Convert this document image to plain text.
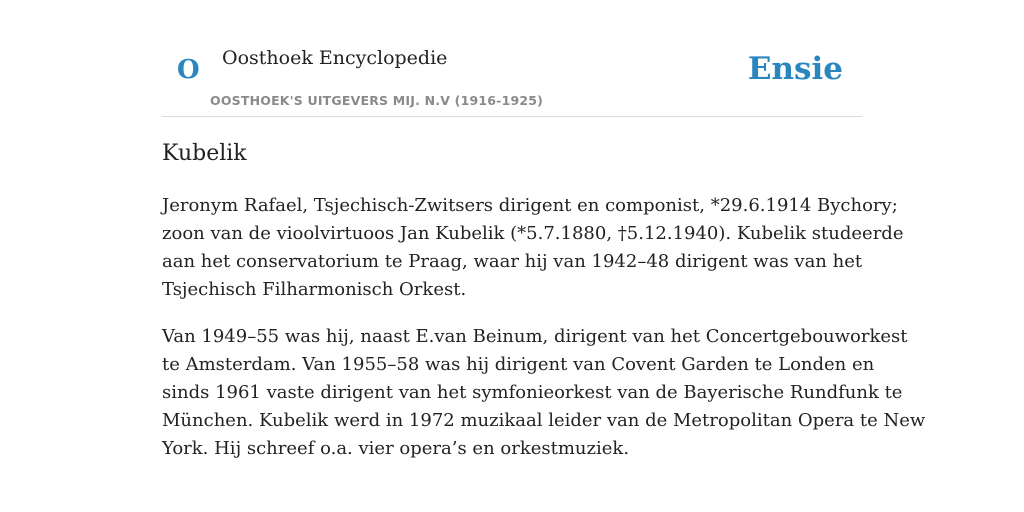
O Oosthoek Encyclopedie
OOSTHOEK'S UITGEVERS MIJ. N.V (1916-1925)
Ensie
Kubelik

Jeronym Rafael, Tsjechisch-Zwitsers dirigent en componist, *29.6.1914 Bychory;
zoon van de vioolvirtuoos Jan Kubelik (*5.7.1880, †5.12.1940). Kubelik studeerde
aan het conservatorium te Praag, waar hij van 1942–48 dirigent was van het
Tsjechisch Filharmonisch Orkest.

Van 1949–55 was hij, naast E.van Beinum, dirigent van het Concertgebouworkest
te Amsterdam. Van 1955–58 was hij dirigent van Covent Garden te Londen en
sinds 1961 vaste dirigent van het symfonieorkest van de Bayerische Rundfunk te
München. Kubelik werd in 1972 muzikaal leider van de Metropolitan Opera te New
York. Hij schreef o.a. vier opera’s en orkestmuziek.
